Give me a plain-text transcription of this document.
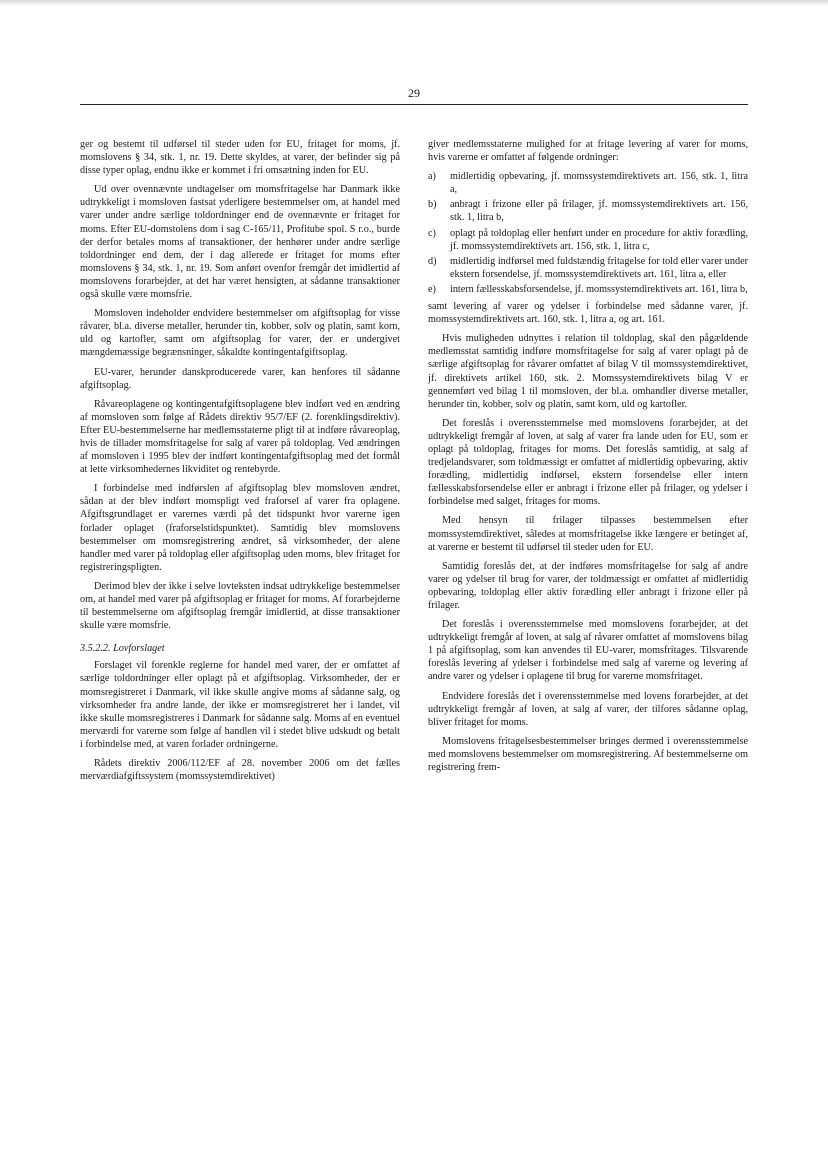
29

ger og bestemt til udførsel til steder uden for EU, fritaget for moms, jf. momslovens § 34, stk. 1, nr. 19. Dette skyldes, at varer, der befinder sig på disse typer oplag, endnu ikke er kommet i fri omsætning inden for EU.

Ud over ovennævnte undtagelser om momsfritagelse har Danmark ikke udtrykkeligt i momsloven fastsat yderligere bestemmelser om, at handel med varer under andre særlige toldordninger end de ovennævnte er fritaget for moms. Efter EU-domstolens dom i sag C-165/11, Profitube spol. S r.o., burde der derfor betales moms af transaktioner, der henhører under andre særlige toldordninger end dem, der i dag allerede er fritaget for moms efter momslovens § 34, stk. 1, nr. 19. Som anført ovenfor fremgår det imidlertid af momslovens forarbejder, at det har været hensigten, at sådanne transaktioner også skulle være momsfrie.

Momsloven indeholder endvidere bestemmelser om afgiftsoplag for visse råvarer, bl.a. diverse metaller, herunder tin, kobber, solv og platin, samt korn, uld og kartofler, samt om afgiftsoplag for varer, der er undergivet mængdemæssige begrænsninger, såkaldte kontingentafgiftsoplag.

EU-varer, herunder danskproducerede varer, kan henfores til sådanne afgiftsoplag.

Råvareoplagene og kontingentafgiftsoplagene blev indført ved en ændring af momsloven som følge af Rådets direktiv 95/7/EF (2. forenklingsdirektiv). Efter EU-bestemmelserne har medlemsstaterne pligt til at indføre råvareoplag, hvis de tillader momsfritagelse for salg af varer på toldoplag. Ved ændringen af momsloven i 1995 blev der indført kontingentafgiftsoplag med det formål at lette virksomhedernes likviditet og rentebyrde.

I forbindelse med indførslen af afgiftsoplag blev momsloven ændret, sådan at der blev indført momspligt ved fraforsel af varer fra oplagene. Afgiftsgrundlaget er varernes værdi på det tidspunkt hvor varerne igen forlader oplaget (fraforselstidspunktet). Samtidig blev momslovens bestemmelser om momsregistrering ændret, så virksomheder, der alene handler med varer på toldoplag eller afgiftsoplag uden moms, blev fritaget for registreringspligten.

Derimod blev der ikke i selve lovteksten indsat udtrykkelige bestemmelser om, at handel med varer på afgiftsoplag er fritaget for moms. Af forarbejderne til bestemmelserne om afgiftsoplag fremgår imidlertid, at disse transaktioner skulle være momsfrie.

3.5.2.2. Lovforslaget

Forslaget vil forenkle reglerne for handel med varer, der er omfattet af særlige toldordninger eller oplagt på et afgiftsoplag. Virksomheder, der er momsregistreret i Danmark, vil ikke skulle angive moms af sådanne salg, og virksomheder fra andre lande, der ikke er momsregistreret her i landet, vil ikke skulle momsregistreres i Danmark for sådanne salg. Moms af en eventuel merværdi for varerne som følge af handlen vil i stedet blive udskudt og betalt i forbindelse med, at varen forlader ordningerne.

Rådets direktiv 2006/112/EF af 28. november 2006 om det fælles merværdiafgiftssystem (momssystemdirektivet)

giver medlemsstaterne mulighed for at fritage levering af varer for moms, hvis varerne er omfattet af følgende ordninger:

a) midlertidig opbevaring, jf. momssystemdirektivets art. 156, stk. 1, litra a,
b) anbragt i frizone eller på frilager, jf. momssystemdirektivets art. 156, stk. 1, litra b,
c) oplagt på toldoplag eller henført under en procedure for aktiv forædling, jf. momssystemdirektivets art. 156, stk. 1, litra c,
d) midlertidig indførsel med fuldstændig fritagelse for told eller varer under ekstern forsendelse, jf. momssystemdirektivets art. 161, litra a, eller
e) intern fællesskabsforsendelse, jf. momssystemdirektivets art. 161, litra b,

samt levering af varer og ydelser i forbindelse med sådanne varer, jf. momssystemdirektivets art. 160, stk. 1, litra a, og art. 161.

Hvis muligheden udnyttes i relation til toldoplag, skal den pågældende medlemsstat samtidig indføre momsfritagelse for salg af varer oplagt på de særlige afgiftsoplag for råvarer omfattet af bilag V til momssystemdirektivet, jf. direktivets artikel 160, stk. 2. Momssystemdirektivets bilag V er gennemført ved bilag 1 til momsloven, der bl.a. omhandler diverse metaller, herunder tin, kobber, solv og platin, samt korn, uld og kartofler.

Det foreslås i overensstemmelse med momslovens forarbejder, at det udtrykkeligt fremgår af loven, at salg af varer fra lande uden for EU, som er oplagt på toldoplag, fritages for moms. Det foreslås samtidig, at salg af tredjelandsvarer, som toldmæssigt er omfattet af midlertidig opbevaring, aktiv forædling, midlertidig indførsel, ekstern forsendelse eller intern fællesskabsforsendelse eller er anbragt i frizone eller på frilager, og ydelser i forbindelse med salget, fritages for moms.

Med hensyn til frilager tilpasses bestemmelsen efter momssystemdirektivet, således at momsfritagelse ikke længere er betinget af, at varerne er bestemt til udførsel til steder uden for EU.

Samtidig foreslås det, at der indføres momsfritagelse for salg af andre varer og ydelser til brug for varer, der toldmæssigt er omfattet af midlertidig opbevaring, toldoplag eller aktiv forædling eller anbragt i frizone eller på frilager.

Det foreslås i overensstemmelse med momslovens forarbejder, at det udtrykkeligt fremgår af loven, at salg af råvarer omfattet af momslovens bilag 1 på afgiftsoplag, som kan anvendes til EU-varer, momsfritages. Tilsvarende foreslås levering af ydelser i forbindelse med salg af varerne og levering af andre varer og ydelser i oplagene til brug for varerne momsfritaget.

Endvidere foreslås det i overensstemmelse med lovens forarbejder, at det udtrykkeligt fremgår af loven, at salg af varer, der tilfores sådanne oplag, bliver fritaget for moms.

Momslovens fritagelsesbestemmelser bringes dermed i overensstemmelse med momslovens bestemmelser om momsregistrering. Af bestemmelserne om registrering frem-
